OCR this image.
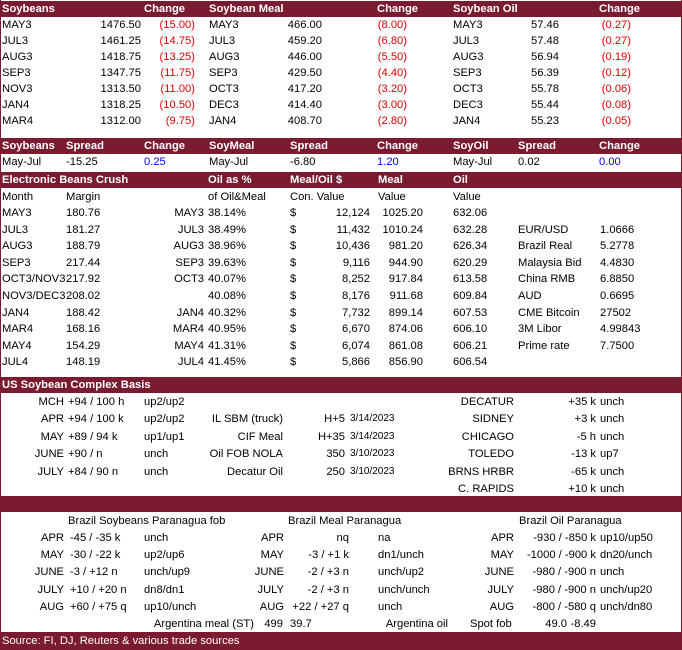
Soybeans	Change Soybean Meal	Change	Soybean Oil	Change
MAY3	1476.50 (15.00) MAY3	466.00	(8.00)	MAY3	57.46	(0.27)
JUL3	1461.25 (14.75) JUL3	459.20	(6.80)	JUL3	57.48	(0.27)
AUG3	1418.75 (13.25) AUG3	446.00	(5.50)	AUG3	56.94	(0.19)
SEP3	1347.75 (11.75) SEP3	429.50	(4.40)	SEP3	56.39	(0.12)
NOV3	1313.50 (11.00) OCT3	417.20	(3.20)	OCT3	55.78	(0.06)
JAN4	1318.25 (10.50) DEC3	414.40	(3.00)	DEC3	55.44	(0.08)
MAR4	1312.00 (9.75) JAN4	408.70	(2.80)	JAN4	55.23	(0.05)
Soybeans Spread	Change SoyMeal	Spread	Change	SoyOil	Spread	Change
May-Jul -15.25	0.25	May-Jul	-6.80	1.20	May-Jul 0.02	0.00
Electronic Beans Crush	Oil as %	Meal/Oil $	Meal	Oil
Month	Margin	of Oil&Meal Con. Value	Value	Value
MAY3	180.76	MAY3 38.14%	$	12,124 1025.20	632.06
JUL3	181.27	JUL3 38.49%	$	11,432 1010.24	632.28	EUR/USD	1.0666
AUG3	188.79	AUG3 38.96%	$	10,436 981.20	626.34	Brazil Real 5.2778
SEP3	217.44	SEP3 39.63%	$	9,116 944.90	620.29	Malaysia Bid 4.4830
OCT3/NOV3 217.92	OCT3 40.07%	$	8,252 917.84	613.58	China RMB 6.8850
NOV3/DEC3 208.02	40.08%	$	8,176 911.68	609.84	AUD	0.6695
JAN4	188.42	JAN4 40.32%	$	7,732 899.14	607.53	CME Bitcoin 27502
MAR4	168.16	MAR4 40.95%	$	6,670 874.06	606.10	3M Libor	4.99843
MAY4	154.29	MAY4 41.31%	$	6,074 861.08	606.21	Prime rate	7.7500
JUL4	148.19	JUL4 41.45%	$	5,866 856.90	606.54
US Soybean Complex Basis
MCH +94 / 100 h up2/up2	DECATUR	+35 k unch
APR +94 / 100 k up2/up2 IL SBM (truck)	H+5 3/14/2023	SIDNEY	+3 k unch
MAY +89 / 94 k up1/up1	CIF Meal	H+35 3/14/2023	CHICAGO	-5 h unch
JUNE +90 / n	unch	Oil FOB NOLA	350 3/10/2023	TOLEDO	-13 k up7
JULY +84 / 90 n unch	Decatur Oil	250 3/10/2023	BRNS HRBR	-65 k unch
C. RAPIDS	+10 k unch
Brazil Soybeans Paranagua fob	Brazil Meal Paranagua	Brazil Oil Paranagua
APR -45 / -35 k unch	APR	nq	na	APR -930 / -850 k up10/up50
MAY -30 / -22 k up2/up6	MAY -3 / +1 k	dn1/unch	MAY -1000 / -900 k dn20/unch
JUNE -3 / +12 n unch/up9	JUNE -2 / +3 n	unch/up2	JUNE -980 / -900 n unch
JULY +10 / +20 n dn8/dn1	JULY -2 / +3 n	unch/unch	JULY -980 / -900 n unch/up20
AUG +60 / +75 q up10/unch	AUG +22 / +27 q	unch	AUG -800 / -580 q unch/dn80
Argentina meal (ST) 499 39.7	Argentina oil Spot fob	49.0 -8.49
Source: FI, DJ, Reuters & various trade sources
